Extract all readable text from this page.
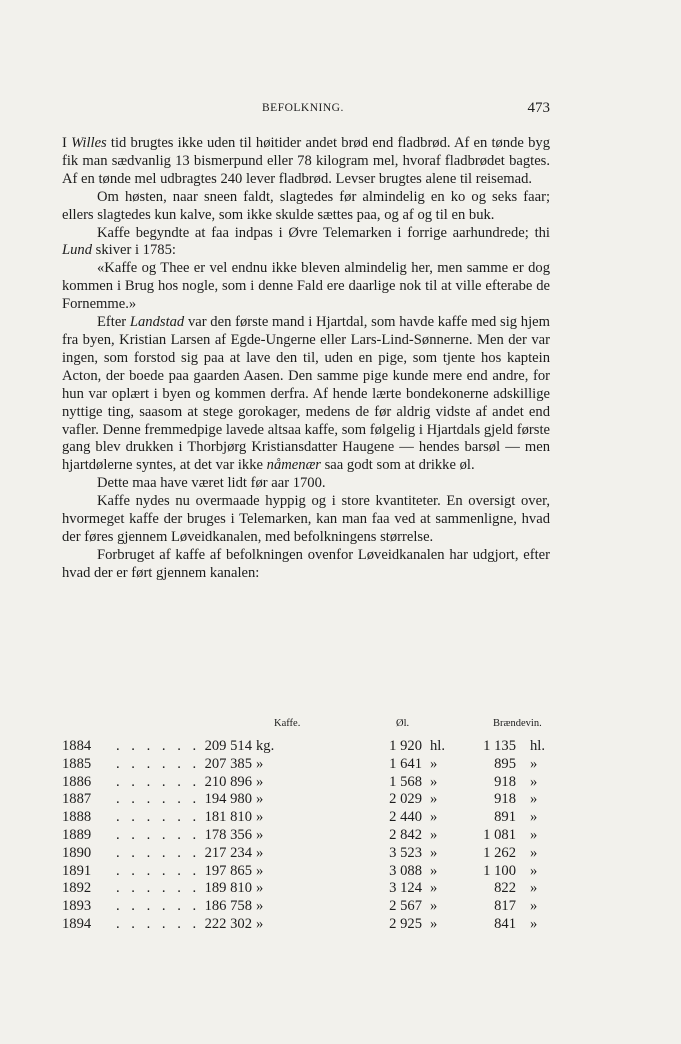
BEFOLKNING.	473

I Willes tid brugtes ikke uden til høitider andet brød end fladbrød. Af en tønde byg fik man sædvanlig 13 bismerpund eller 78 kilogram mel, hvoraf fladbrødet bagtes. Af en tønde mel udbragtes 240 lever fladbrød. Levser brugtes alene til reisemad.

Om høsten, naar sneen faldt, slagtedes før almindelig en ko og seks faar; ellers slagtedes kun kalve, som ikke skulde sættes paa, og af og til en buk.

Kaffe begyndte at faa indpas i Øvre Telemarken i forrige aarhundrede; thi Lund skiver i 1785:

«Kaffe og Thee er vel endnu ikke bleven almindelig her, men samme er dog kommen i Brug hos nogle, som i denne Fald ere daarlige nok til at ville efterabe de Fornemme.»

Efter Landstad var den første mand i Hjartdal, som havde kaffe med sig hjem fra byen, Kristian Larsen af Egde-Ungerne eller Lars-Lind-Sønnerne. Men der var ingen, som forstod sig paa at lave den til, uden en pige, som tjente hos kaptein Acton, der boede paa gaarden Aasen. Den samme pige kunde mere end andre, for hun var oplært i byen og kommen derfra. Af hende lærte bondekonerne adskillige nyttige ting, saasom at stege gorokager, medens de før aldrig vidste af andet end vafler. Denne fremmedpige lavede altsaa kaffe, som følgelig i Hjartdals gjeld første gang blev drukken i Thorbjørg Kristiansdatter Haugene — hendes barsøl — men hjartdølerne syntes, at det var ikke nåmenær saa godt som at drikke øl.

Dette maa have været lidt før aar 1700.

Kaffe nydes nu overmaade hyppig og i store kvantiteter. En oversigt over, hvormeget kaffe der bruges i Telemarken, kan man faa ved at sammenligne, hvad der føres gjennem Løveidkanalen, med befolkningens størrelse.

Forbruget af kaffe af befolkningen ovenfor Løveidkanalen har udgjort, efter hvad der er ført gjennem kanalen:

Kaffe.	Øl.	Brændevin.
1884 . . . . . . 209 514 kg.	1 920 hl.	1 135 hl.
1885 . . . . . . 207 385 »	1 641 »	895 »
1886 . . . . . . 210 896 »	1 568 »	918 »
1887 . . . . . . 194 980 »	2 029 »	918 »
1888 . . . . . . 181 810 »	2 440 »	891 »
1889 . . . . . . 178 356 »	2 842 »	1 081 »
1890 . . . . . . 217 234 »	3 523 »	1 262 »
1891 . . . . . . 197 865 »	3 088 »	1 100 »
1892 . . . . . . 189 810 »	3 124 »	822 »
1893 . . . . . . 186 758 »	2 567 »	817 »
1894 . . . . . . 222 302 »	2 925 »	841 »
